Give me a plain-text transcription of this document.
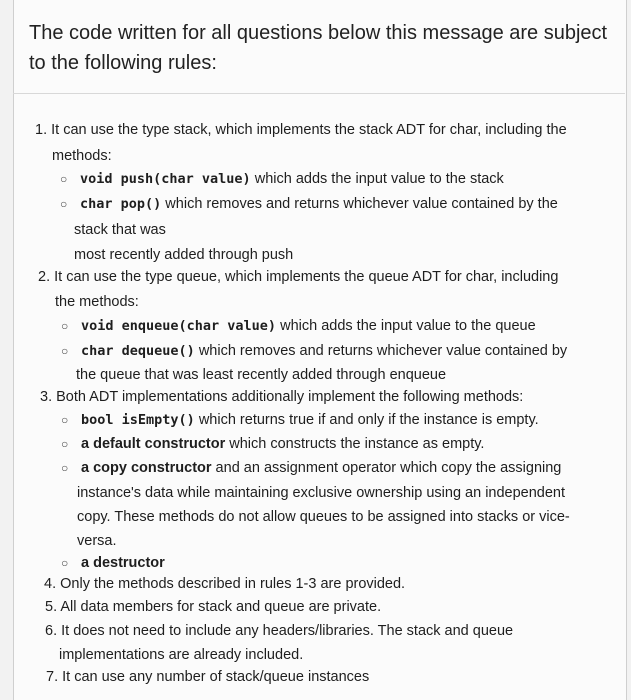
The code written for all questions below this message are subject to the following rules:
1. It can use the type stack, which implements the stack ADT for char, including the
methods:
○ void push(char value) which adds the input value to the stack
○ char pop() which removes and returns whichever value contained by the
stack that was
most recently added through push
2. It can use the type queue, which implements the queue ADT for char, including
the methods:
○ void enqueue(char value) which adds the input value to the queue
○ char dequeue() which removes and returns whichever value contained by
the queue that was least recently added through enqueue
3. Both ADT implementations additionally implement the following methods:
○ bool isEmpty() which returns true if and only if the instance is empty.
○ a default constructor which constructs the instance as empty.
○ a copy constructor and an assignment operator which copy the assigning
instance's data while maintaining exclusive ownership using an independent
copy. These methods do not allow queues to be assigned into stacks or vice-
versa.
○ a destructor
4. Only the methods described in rules 1-3 are provided.
5. All data members for stack and queue are private.
6. It does not need to include any headers/libraries. The stack and queue
implementations are already included.
7. It can use any number of stack/queue instances
